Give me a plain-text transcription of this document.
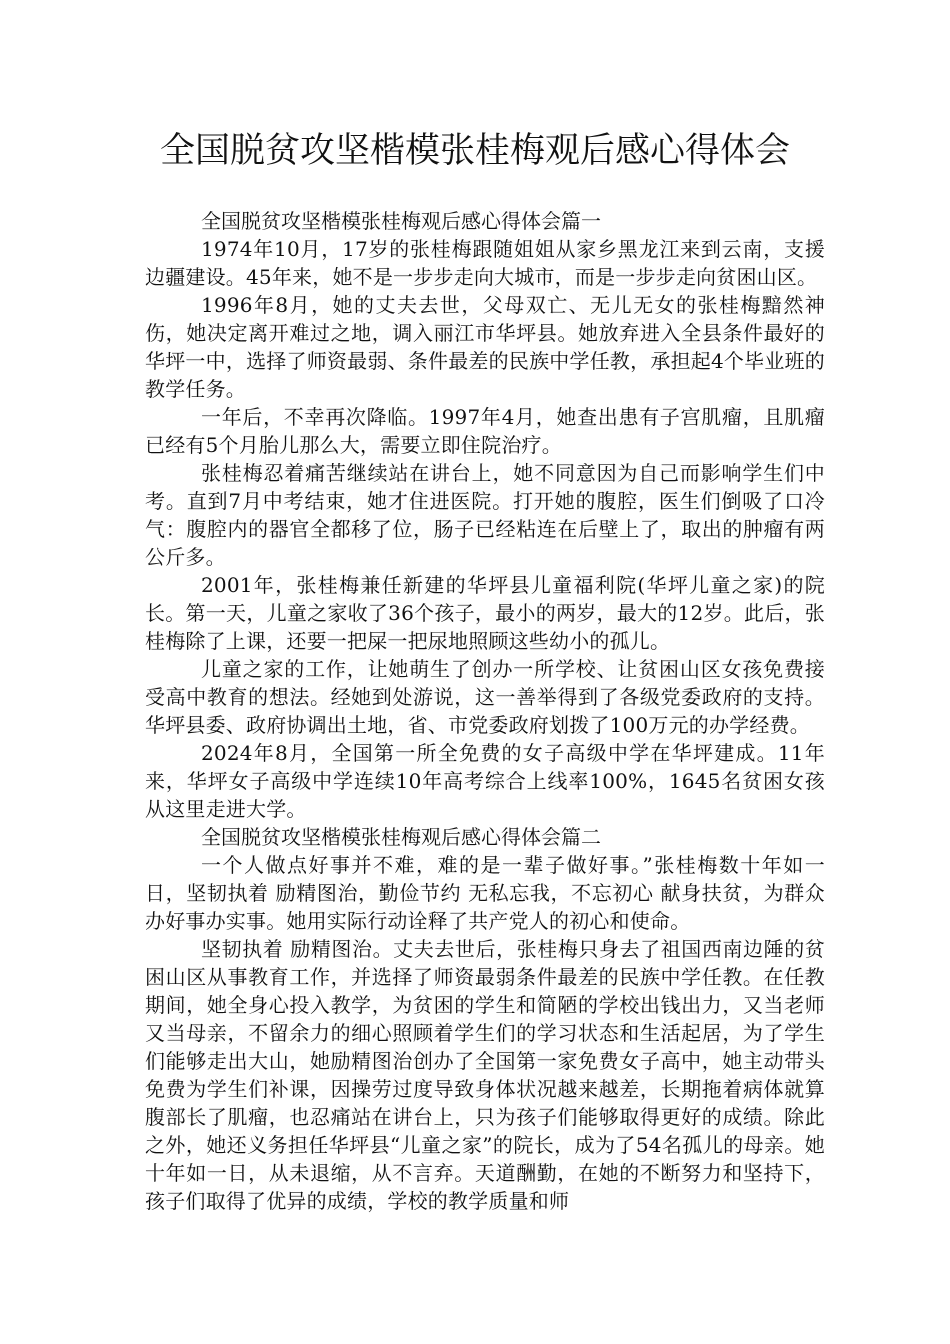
全国脱贫攻坚楷模张桂梅观后感心得体会

全国脱贫攻坚楷模张桂梅观后感心得体会篇一

1974年10月，17岁的张桂梅跟随姐姐从家乡黑龙江来到云南，支援边疆建设。45年来，她不是一步步走向大城市，而是一步步走向贫困山区。

1996年8月，她的丈夫去世，父母双亡、无儿无女的张桂梅黯然神伤，她决定离开难过之地，调入丽江市华坪县。她放弃进入全县条件最好的华坪一中，选择了师资最弱、条件最差的民族中学任教，承担起4个毕业班的教学任务。

一年后，不幸再次降临。1997年4月，她查出患有子宫肌瘤，且肌瘤已经有5个月胎儿那么大，需要立即住院治疗。

张桂梅忍着痛苦继续站在讲台上，她不同意因为自己而影响学生们中考。直到7月中考结束，她才住进医院。打开她的腹腔，医生们倒吸了口冷气：腹腔内的器官全都移了位，肠子已经粘连在后壁上了，取出的肿瘤有两公斤多。

2001年，张桂梅兼任新建的华坪县儿童福利院(华坪儿童之家)的院长。第一天，儿童之家收了36个孩子，最小的两岁，最大的12岁。此后，张桂梅除了上课，还要一把屎一把尿地照顾这些幼小的孤儿。

儿童之家的工作，让她萌生了创办一所学校、让贫困山区女孩免费接受高中教育的想法。经她到处游说，这一善举得到了各级党委政府的支持。华坪县委、政府协调出土地，省、市党委政府划拨了100万元的办学经费。

2024年8月，全国第一所全免费的女子高级中学在华坪建成。11年来，华坪女子高级中学连续10年高考综合上线率100%，1645名贫困女孩从这里走进大学。

全国脱贫攻坚楷模张桂梅观后感心得体会篇二

一个人做点好事并不难，难的是一辈子做好事。”张桂梅数十年如一日，坚韧执着 励精图治，勤俭节约 无私忘我，不忘初心 献身扶贫，为群众办好事办实事。她用实际行动诠释了共产党人的初心和使命。

坚韧执着 励精图治。丈夫去世后，张桂梅只身去了祖国西南边陲的贫困山区从事教育工作，并选择了师资最弱条件最差的民族中学任教。在任教期间，她全身心投入教学，为贫困的学生和简陋的学校出钱出力，又当老师又当母亲，不留余力的细心照顾着学生们的学习状态和生活起居，为了学生们能够走出大山，她励精图治创办了全国第一家免费女子高中，她主动带头免费为学生们补课，因操劳过度导致身体状况越来越差，长期拖着病体就算腹部长了肌瘤，也忍痛站在讲台上，只为孩子们能够取得更好的成绩。除此之外，她还义务担任华坪县“儿童之家”的院长，成为了54名孤儿的母亲。她十年如一日，从未退缩，从不言弃。天道酬勤，在她的不断努力和坚持下，孩子们取得了优异的成绩，学校的教学质量和师
